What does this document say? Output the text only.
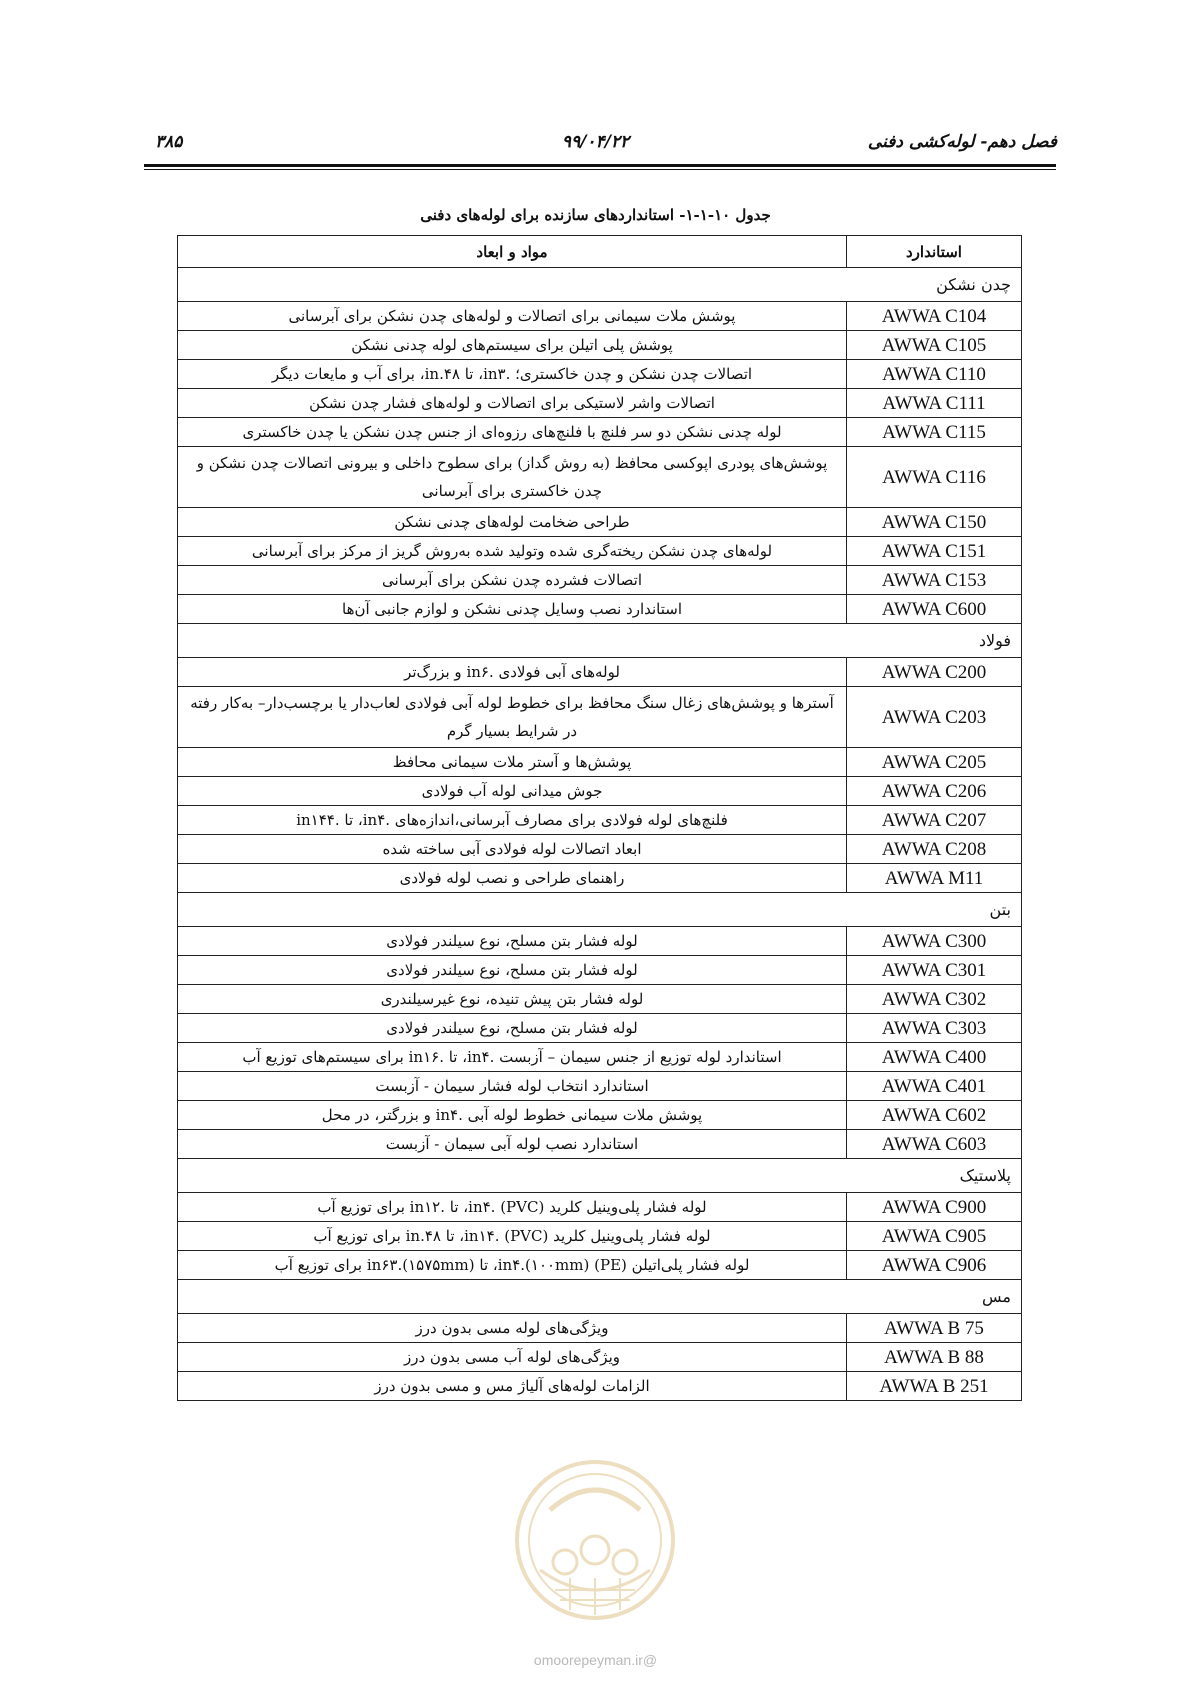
فصل دهم- لوله‌کشی دفنی
۹۹/۰۴/۲۲
۳۸۵
جدول ۱۰-۱-۱- استانداردهای سازنده برای لوله‌های دفنی
استاندارد	مواد و ابعاد
چدن نشکن	
AWWA C104	پوشش ملات سیمانی برای اتصالات و لوله‌های چدن نشکن برای آبرسانی
AWWA C105	پوشش پلی اتیلن برای سیستم‌های لوله چدنی نشکن
AWWA C110	اتصالات چدن نشکن و چدن خاکستری؛ .in۳، تا ۴۸.in، برای آب و مایعات دیگر
AWWA C111	اتصالات واشر لاستیکی برای اتصالات و لوله‌های فشار چدن نشکن
AWWA C115	لوله چدنی نشکن دو سر فلنچ با فلنچ‌های رزوه‌ای از جنس چدن نشکن یا چدن خاکستری
AWWA C116	پوشش‌های پودری اپوکسی محافظ (به روش گداز) برای سطوح داخلی و بیرونی اتصالات چدن نشکن و چدن خاکستری برای آبرسانی
AWWA C150	طراحی ضخامت لوله‌های چدنی نشکن
AWWA C151	لوله‌های چدن نشکن ریخته‌گری شده وتولید شده به‌روش گریز از مرکز برای آبرسانی
AWWA C153	اتصالات فشرده چدن نشکن برای آبرسانی
AWWA C600	استاندارد نصب وسایل چدنی نشکن و لوازم جانبی آن‌ها
فولاد	
AWWA C200	لوله‌های آبی فولادی .in۶ و بزرگ‌تر
AWWA C203	آسترها و پوشش‌های زغال سنگ محافظ برای خطوط لوله آبی فولادی لعاب‌دار یا برچسب‌دار– به‌کار رفته در شرایط بسیار گرم
AWWA C205	پوشش‌ها و آستر ملات سیمانی محافظ
AWWA C206	جوش میدانی لوله آب فولادی
AWWA C207	فلنچ‌های لوله فولادی برای مصارف آبرسانی،اندازه‌های .in۴، تا .in۱۴۴
AWWA C208	ابعاد اتصالات لوله فولادی آبی ساخته شده
AWWA M11	راهنمای طراحی و نصب لوله فولادی
بتن	
AWWA C300	لوله فشار بتن مسلح، نوع سیلندر فولادی
AWWA C301	لوله فشار بتن مسلح، نوع سیلندر فولادی
AWWA C302	لوله فشار بتن پیش تنیده، نوع غیرسیلندری
AWWA C303	لوله فشار بتن مسلح، نوع سیلندر فولادی
AWWA C400	استاندارد لوله توزیع از جنس سیمان – آزبست .in۴، تا .in۱۶ برای سیستم‌های توزیع آب
AWWA C401	استاندارد انتخاب لوله فشار سیمان - آزبست
AWWA C602	پوشش ملات سیمانی خطوط لوله آبی .in۴ و بزرگتر، در محل
AWWA C603	استاندارد نصب لوله آبی سیمان - آزبست
پلاستیک	
AWWA C900	لوله فشار پلی‌وینیل کلرید (PVC) .in۴، تا .in۱۲ برای توزیع آب
AWWA C905	لوله فشار پلی‌وینیل کلرید (PVC) .in۱۴، تا ۴۸.in برای توزیع آب
AWWA C906	لوله فشار پلی‌اتیلن (PE) (۱۰۰mm).in۴، تا (۱۵۷۵mm).in۶۳ برای توزیع آب
مس	
AWWA B 75	ویژگی‌های لوله مسی بدون درز
AWWA B 88	ویژگی‌های لوله آب مسی بدون درز
AWWA B 251	الزامات لوله‌های آلیاژ مس و مسی بدون درز
@omoorepeyman.ir
